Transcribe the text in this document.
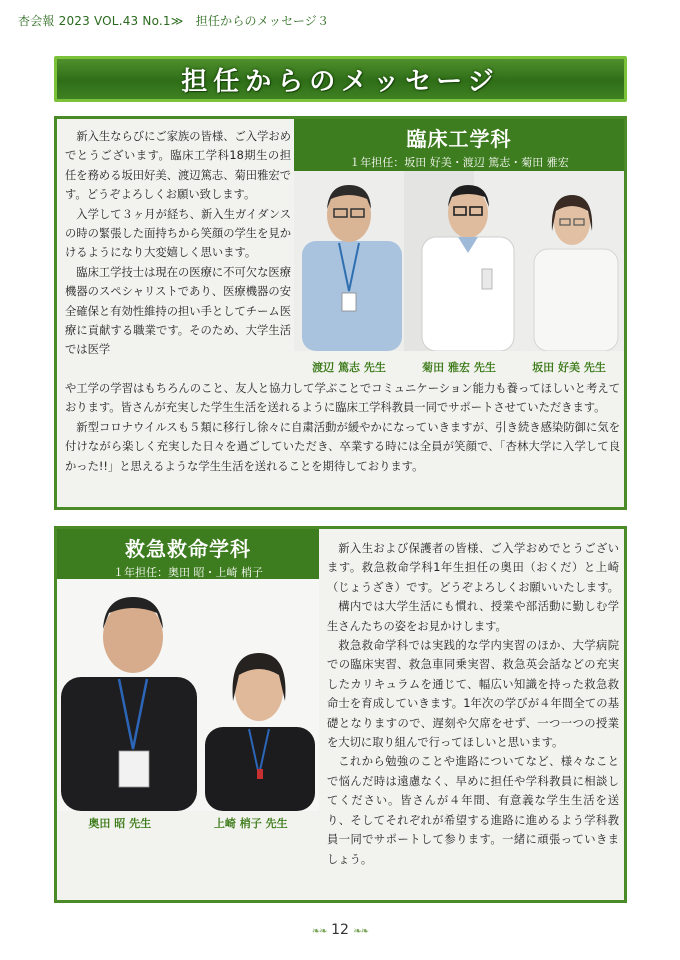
杏会報 2023 VOL.43 No.1≫　担任からのメッセージ３
担任からのメッセージ

新入生ならびにご家族の皆様、ご入学おめでとうございます。臨床工学科18期生の担任を務める坂田好美、渡辺篤志、菊田雅宏です。どうぞよろしくお願い致します。

入学して３ヶ月が経ち、新入生ガイダンスの時の緊張した面持ちから笑顔の学生を見かけるようになり大変嬉しく思います。

臨床工学技士は現在の医療に不可欠な医療機器のスペシャリストであり、医療機器の安全確保と有効性維持の担い手としてチーム医療に貢献する職業です。そのため、大学生活では医学

臨床工学科
１年担任：坂田 好美・渡辺 篤志・菊田 雅宏
渡辺 篤志 先生	菊田 雅宏 先生	坂田 好美 先生

や工学の学習はもちろんのこと、友人と協力して学ぶことでコミュニケーション能力も養ってほしいと考えております。皆さんが充実した学生生活を送れるように臨床工学科教員一同でサポートさせていただきます。

新型コロナウイルスも５類に移行し徐々に自粛活動が緩やかになっていきますが、引き続き感染防御に気を付けながら楽しく充実した日々を過ごしていただき、卒業する時には全員が笑顔で、「杏林大学に入学して良かった!!」と思えるような学生生活を送れることを期待しております。

救急救命学科
１年担任：奥田 昭・上崎 梢子
奥田 昭 先生	上崎 梢子 先生

新入生および保護者の皆様、ご入学おめでとうございます。救急救命学科1年生担任の奥田（おくだ）と上崎（じょうざき）です。どうぞよろしくお願いいたします。

構内では大学生活にも慣れ、授業や部活動に勤しむ学生さんたちの姿をお見かけします。

救急救命学科では実践的な学内実習のほか、大学病院での臨床実習、救急車同乗実習、救急英会話などの充実したカリキュラムを通じて、幅広い知識を持った救急救命士を育成していきます。1年次の学びが４年間全ての基礎となりますので、遅刻や欠席をせず、一つ一つの授業を大切に取り組んで行ってほしいと思います。

これから勉強のことや進路についてなど、様々なことで悩んだ時は遠慮なく、早めに担任や学科教員に相談してください。皆さんが４年間、有意義な学生生活を送り、そしてそれぞれが希望する進路に進めるよう学科教員一同でサポートして参ります。一緒に頑張っていきましょう。

❧❧ 12 ❧❧
